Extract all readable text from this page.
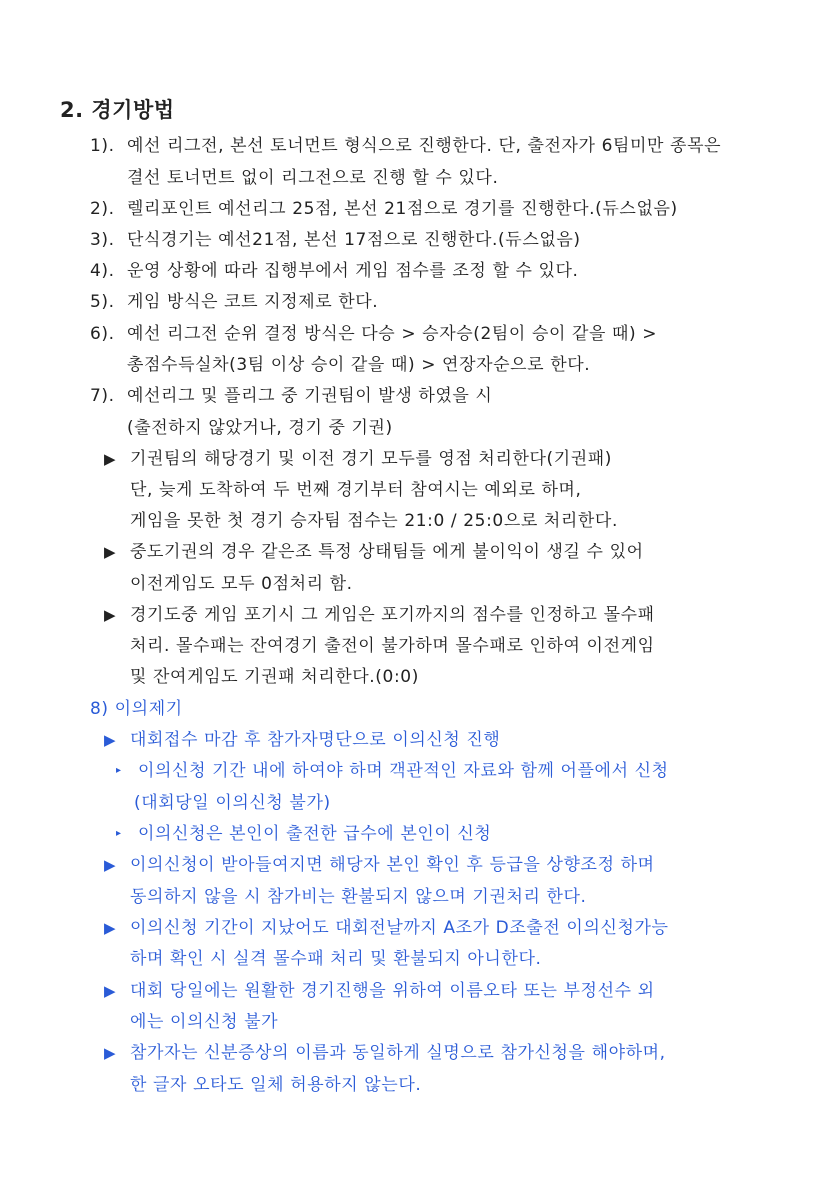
2. 경기방법
1). 예선 리그전, 본선 토너먼트 형식으로 진행한다. 단, 출전자가 6팀미만 종목은
결선 토너먼트 없이 리그전으로 진행 할 수 있다.
2). 렐리포인트 예선리그 25점, 본선 21점으로 경기를 진행한다.(듀스없음)
3). 단식경기는 예선21점, 본선 17점으로 진행한다.(듀스없음)
4). 운영 상황에 따라 집행부에서 게임 점수를 조정 할 수 있다.
5). 게임 방식은 코트 지정제로 한다.
6). 예선 리그전 순위 결정 방식은 다승 > 승자승(2팀이 승이 같을 때) >
총점수득실차(3팀 이상 승이 같을 때) > 연장자순으로 한다.
7). 예선리그 및 플리그 중 기권팀이 발생 하였을 시
(출전하지 않았거나, 경기 중 기권)
▶ 기권팀의 해당경기 및 이전 경기 모두를 영점 처리한다(기권패)
단, 늦게 도착하여 두 번째 경기부터 참여시는 예외로 하며,
게임을 못한 첫 경기 승자팀 점수는 21:0 / 25:0으로 처리한다.
▶ 중도기권의 경우 같은조 특정 상태팀들 에게 불이익이 생길 수 있어
이전게임도 모두 0점처리 함.
▶ 경기도중 게임 포기시 그 게임은 포기까지의 점수를 인정하고 몰수패
처리. 몰수패는 잔여경기 출전이 불가하며 몰수패로 인하여 이전게임
및 잔여게임도 기권패 처리한다.(0:0)
8) 이의제기
▶ 대회접수 마감 후 참가자명단으로 이의신청 진행
▸ 이의신청 기간 내에 하여야 하며 객관적인 자료와 함께 어플에서 신청
(대회당일 이의신청 불가)
▸ 이의신청은 본인이 출전한 급수에 본인이 신청
▶ 이의신청이 받아들여지면 해당자 본인 확인 후 등급을 상향조정 하며
동의하지 않을 시 참가비는 환불되지 않으며 기권처리 한다.
▶ 이의신청 기간이 지났어도 대회전날까지 A조가 D조출전 이의신청가능
하며 확인 시 실격 몰수패 처리 및 환불되지 아니한다.
▶ 대회 당일에는 원활한 경기진행을 위하여 이름오타 또는 부정선수 외
에는 이의신청 불가
▶ 참가자는 신분증상의 이름과 동일하게 실명으로 참가신청을 해야하며,
한 글자 오타도 일체 허용하지 않는다.
